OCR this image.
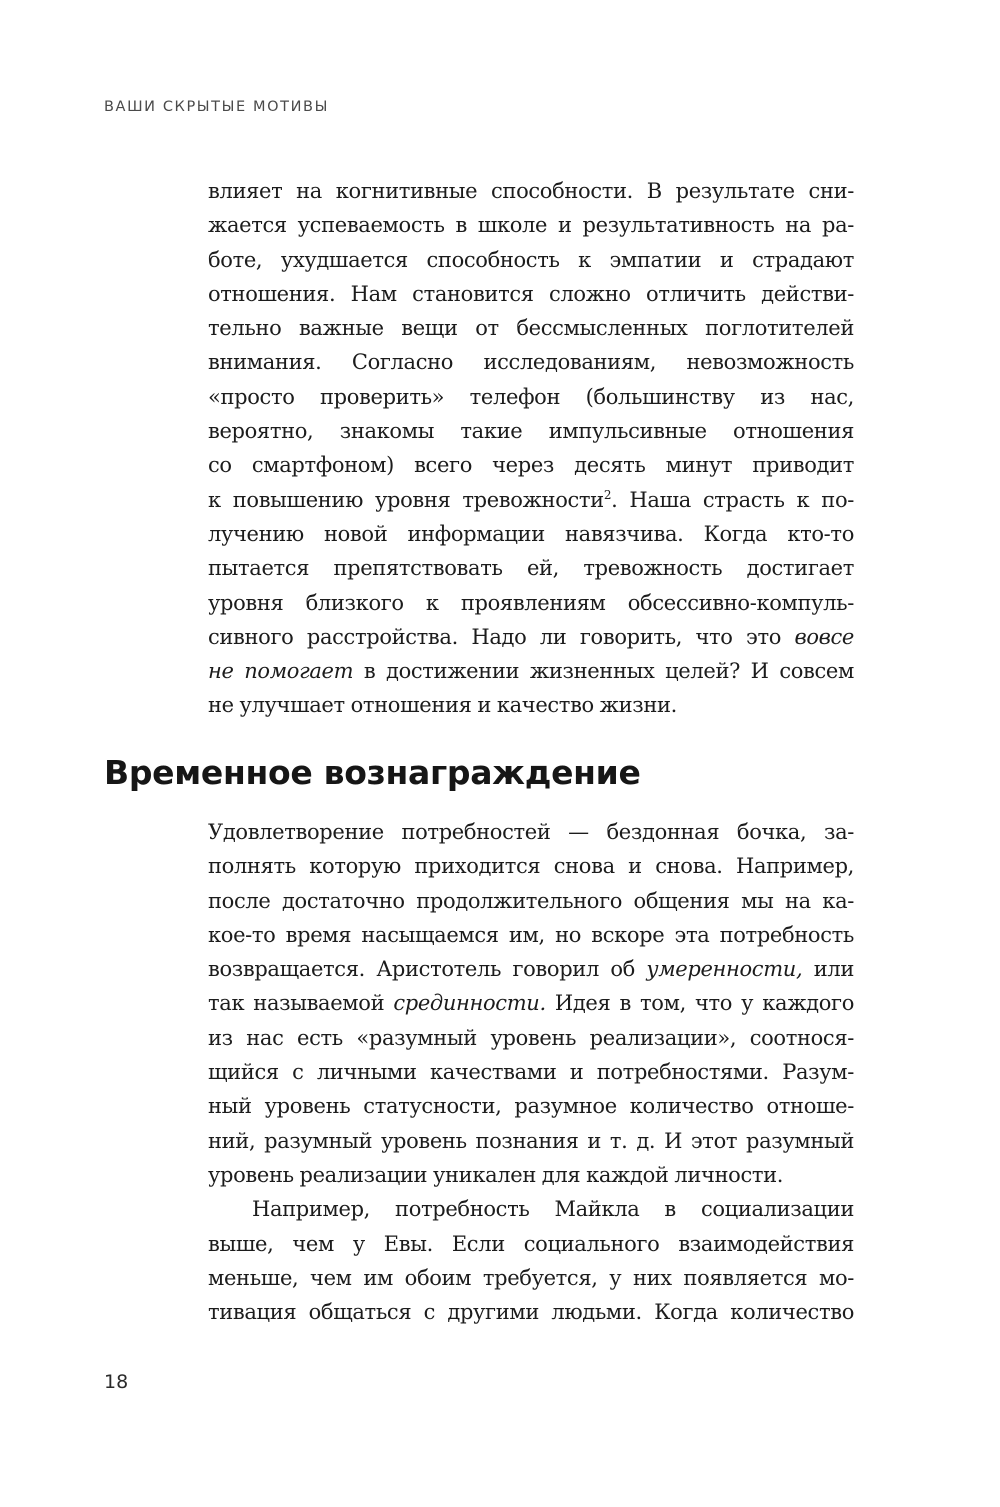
ВАШИ СКРЫТЫЕ МОТИВЫ
влияет на когнитивные способности. В результате сни-
жается успеваемость в школе и результативность на ра-
боте, ухудшается способность к эмпатии и страдают
отношения. Нам становится сложно отличить действи-
тельно важные вещи от бессмысленных поглотителей
внимания. Согласно исследованиям, невозможность
«просто проверить» телефон (большинству из нас,
вероятно, знакомы такие импульсивные отношения
со смартфоном) всего через десять минут приводит
к повышению уровня тревожности$^2$. Наша страсть к по-
лучению новой информации навязчива. Когда кто-то
пытается препятствовать ей, тревожность достигает
уровня близкого к проявлениям обсессивно-компуль-
сивного расстройства. Надо ли говорить, что это вовсе
не помогает в достижении жизненных целей? И совсем
не улучшает отношения и качество жизни.
Временное вознаграждение
Удовлетворение потребностей — бездонная бочка, за-
полнять которую приходится снова и снова. Например,
после достаточно продолжительного общения мы на ка-
кое-то время насыщаемся им, но вскоре эта потребность
возвращается. Аристотель говорил об умеренности, или
так называемой срединности. Идея в том, что у каждого
из нас есть «разумный уровень реализации», соотнося-
щийся с личными качествами и потребностями. Разум-
ный уровень статусности, разумное количество отноше-
ний, разумный уровень познания и т. д. И этот разумный
уровень реализации уникален для каждой личности.
Например, потребность Майкла в социализации
выше, чем у Евы. Если социального взаимодействия
меньше, чем им обоим требуется, у них появляется мо-
тивация общаться с другими людьми. Когда количество
18
